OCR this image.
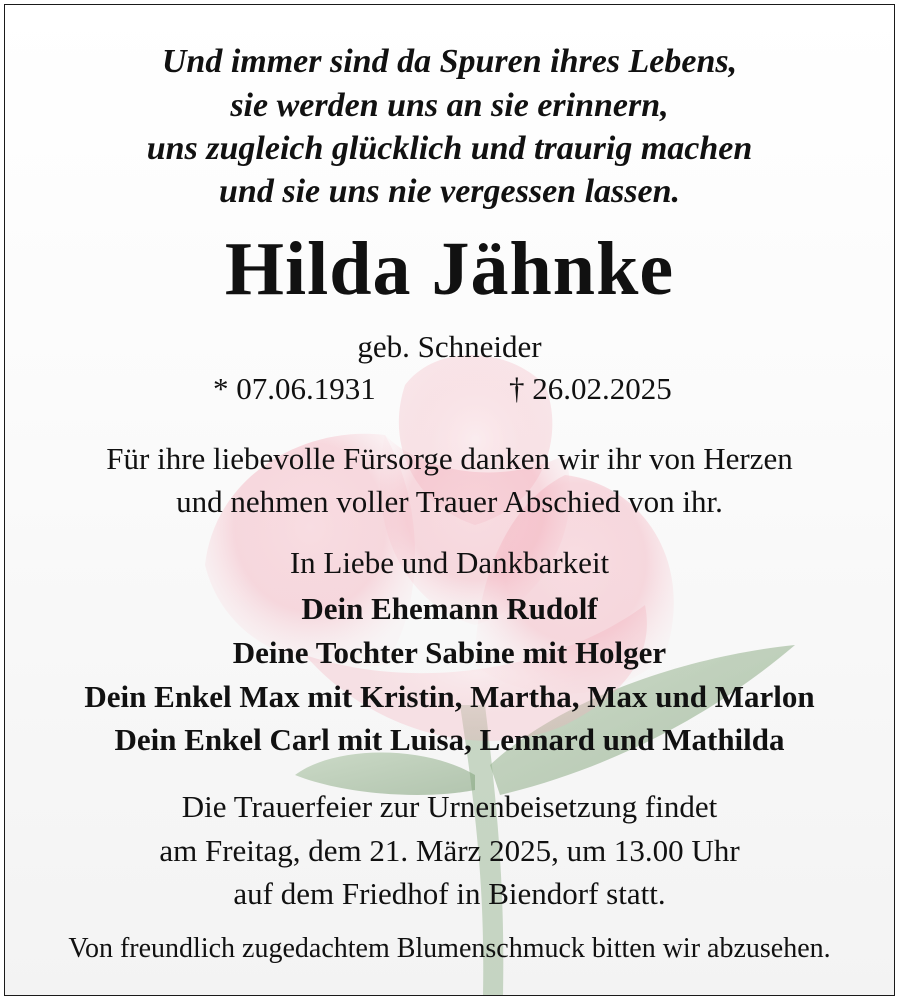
Und immer sind da Spuren ihres Lebens,
sie werden uns an sie erinnern,
uns zugleich glücklich und traurig machen
und sie uns nie vergessen lassen.
Hilda Jähnke
geb. Schneider
* 07.06.1931	† 26.02.2025
Für ihre liebevolle Fürsorge danken wir ihr von Herzen
und nehmen voller Trauer Abschied von ihr.
In Liebe und Dankbarkeit
Dein Ehemann Rudolf
Deine Tochter Sabine mit Holger
Dein Enkel Max mit Kristin, Martha, Max und Marlon
Dein Enkel Carl mit Luisa, Lennard und Mathilda
Die Trauerfeier zur Urnenbeisetzung findet
am Freitag, dem 21. März 2025, um 13.00 Uhr
auf dem Friedhof in Biendorf statt.
Von freundlich zugedachtem Blumenschmuck bitten wir abzusehen.
